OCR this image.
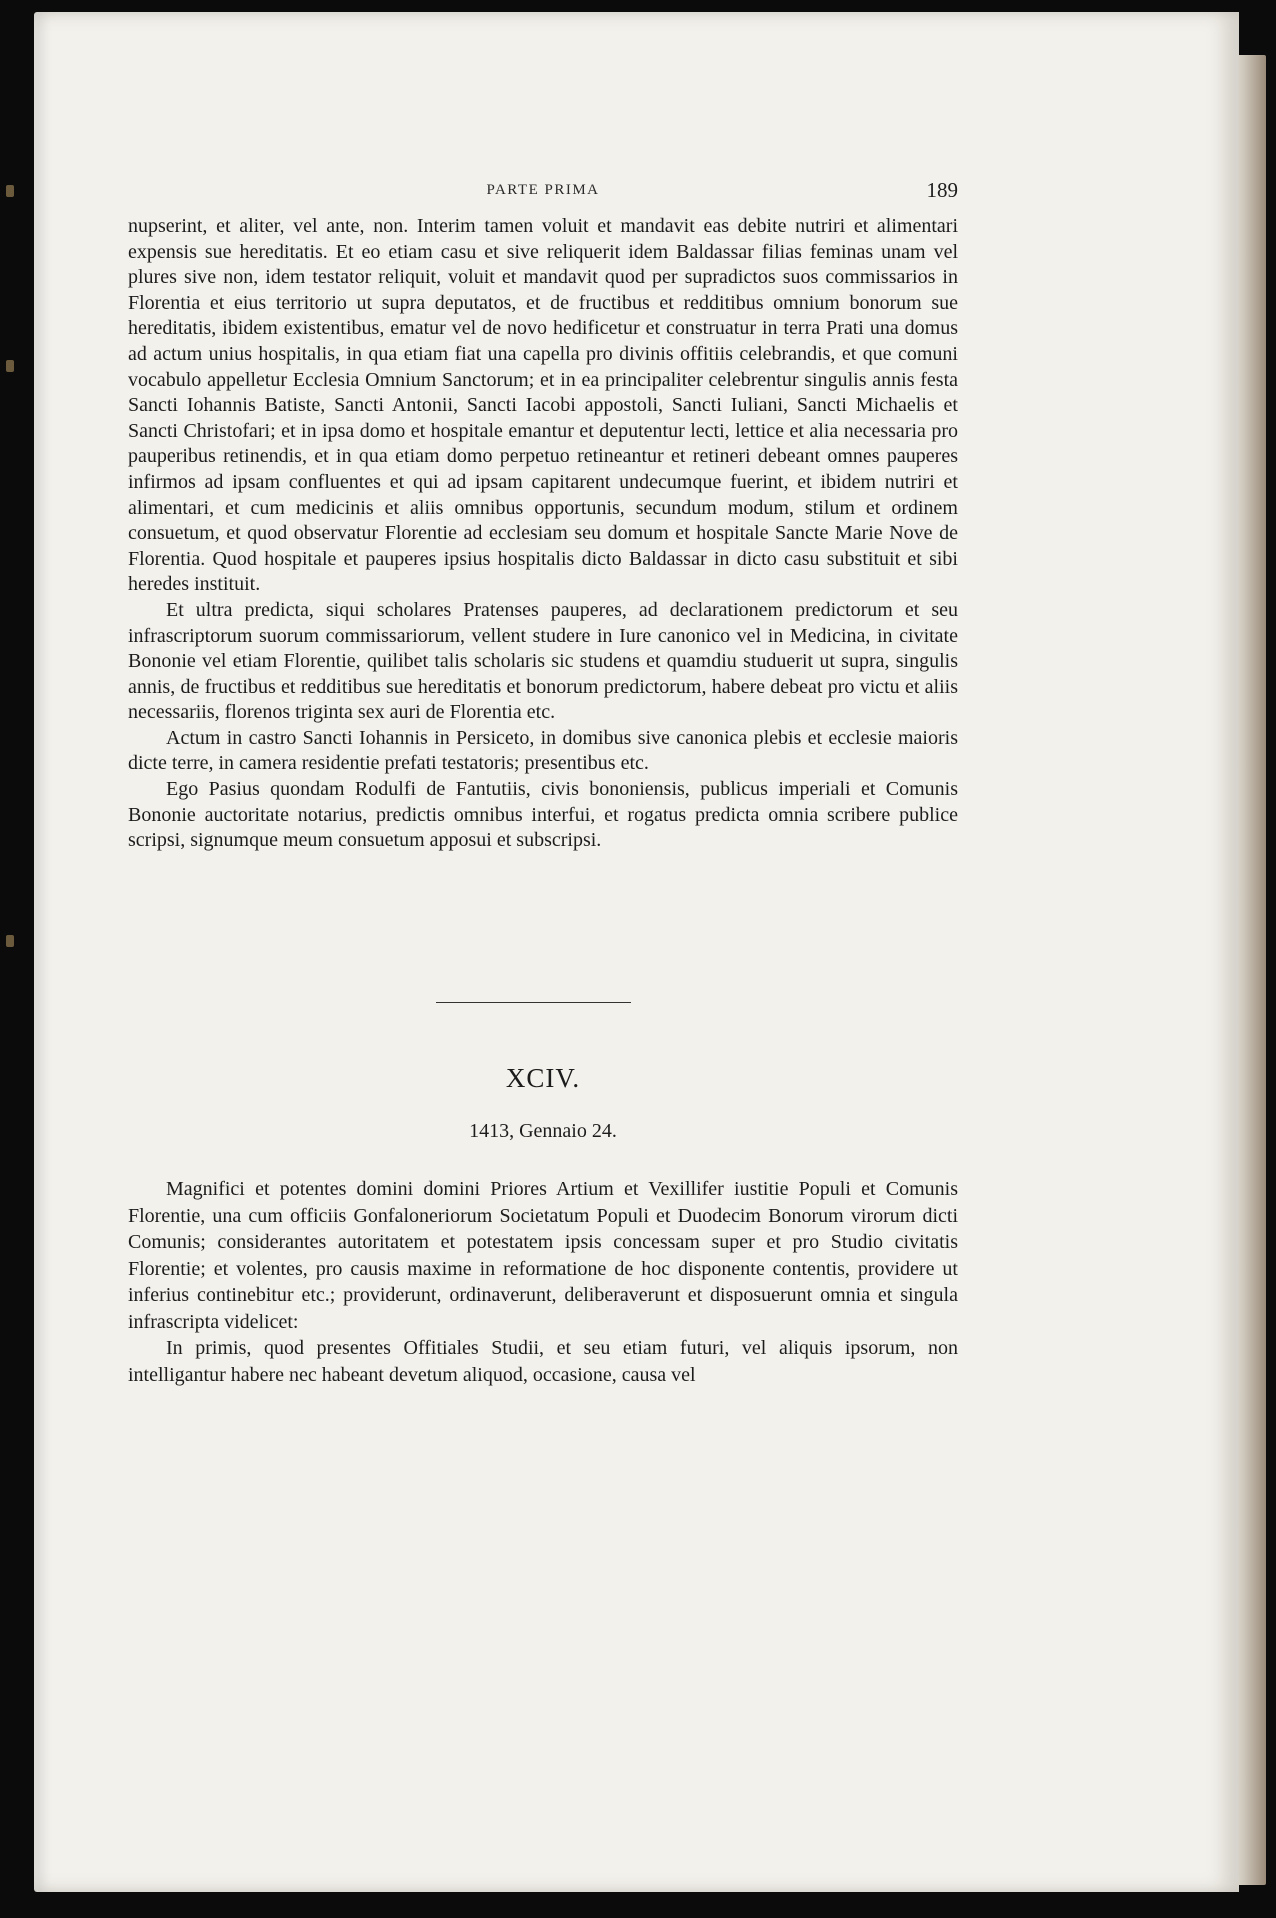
PARTE PRIMA	189

nupserint, et aliter, vel ante, non. Interim tamen voluit et mandavit eas debite nutriri et alimentari expensis sue hereditatis. Et eo etiam casu et sive reliquerit idem Baldassar filias feminas unam vel plures sive non, idem testator reliquit, voluit et mandavit quod per supradictos suos commissarios in Florentia et eius territorio ut supra deputatos, et de fructibus et redditibus omnium bonorum sue hereditatis, ibidem existentibus, ematur vel de novo hedificetur et construatur in terra Prati una domus ad actum unius hospitalis, in qua etiam fiat una capella pro divinis offitiis celebrandis, et que comuni vocabulo appelletur Ecclesia Omnium Sanctorum; et in ea principaliter celebrentur singulis annis festa Sancti Iohannis Batiste, Sancti Antonii, Sancti Iacobi appostoli, Sancti Iuliani, Sancti Michaelis et Sancti Christofari; et in ipsa domo et hospitale emantur et deputentur lecti, lettice et alia necessaria pro pauperibus retinendis, et in qua etiam domo perpetuo retineantur et retineri debeant omnes pauperes infirmos ad ipsam confluentes et qui ad ipsam capitarent undecumque fuerint, et ibidem nutriri et alimentari, et cum medicinis et aliis omnibus opportunis, secundum modum, stilum et ordinem consuetum, et quod observatur Florentie ad ecclesiam seu domum et hospitale Sancte Marie Nove de Florentia. Quod hospitale et pauperes ipsius hospitalis dicto Baldassar in dicto casu substituit et sibi heredes instituit.

Et ultra predicta, siqui scholares Pratenses pauperes, ad declarationem predictorum et seu infrascriptorum suorum commissariorum, vellent studere in Iure canonico vel in Medicina, in civitate Bononie vel etiam Florentie, quilibet talis scholaris sic studens et quamdiu studuerit ut supra, singulis annis, de fructibus et redditibus sue hereditatis et bonorum predictorum, habere debeat pro victu et aliis necessariis, florenos triginta sex auri de Florentia etc.

Actum in castro Sancti Iohannis in Persiceto, in domibus sive canonica plebis et ecclesie maioris dicte terre, in camera residentie prefati testatoris; presentibus etc.

Ego Pasius quondam Rodulfi de Fantutiis, civis bononiensis, publicus imperiali et Comunis Bononie auctoritate notarius, predictis omnibus interfui, et rogatus predicta omnia scribere publice scripsi, signumque meum consuetum apposui et subscripsi.

XCIV.
1413, Gennaio 24.

Magnifici et potentes domini domini Priores Artium et Vexillifer iustitie Populi et Comunis Florentie, una cum officiis Gonfaloneriorum Societatum Populi et Duodecim Bonorum virorum dicti Comunis; considerantes autoritatem et potestatem ipsis concessam super et pro Studio civitatis Florentie; et volentes, pro causis maxime in reformatione de hoc disponente contentis, providere ut inferius continebitur etc.; providerunt, ordinaverunt, deliberaverunt et disposuerunt omnia et singula infrascripta videlicet:

In primis, quod presentes Offitiales Studii, et seu etiam futuri, vel aliquis ipsorum, non intelligantur habere nec habeant devetum aliquod, occasione, causa vel
